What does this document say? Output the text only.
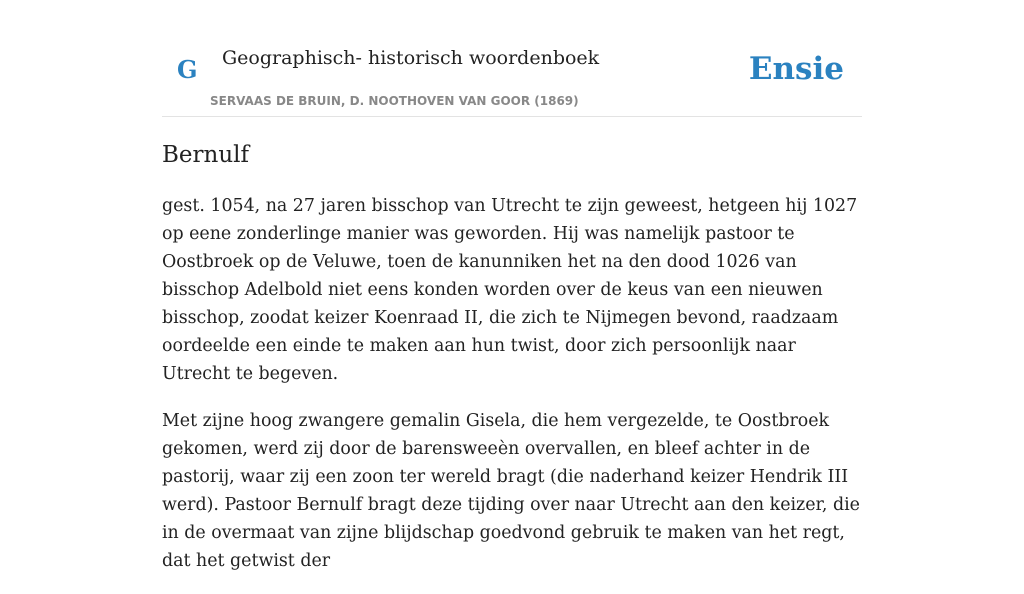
G Geographisch- historisch woordenboek
SERVAAS DE BRUIN, D. NOOTHOVEN VAN GOOR (1869)
Ensie
Bernulf

gest. 1054, na 27 jaren bisschop van Utrecht te zijn geweest, hetgeen hij 1027 op eene zonderlinge manier was geworden. Hij was namelijk pastoor te Oostbroek op de Veluwe, toen de kanunniken het na den dood 1026 van bisschop Adelbold niet eens konden worden over de keus van een nieuwen bisschop, zoodat keizer Koenraad II, die zich te Nijmegen bevond, raadzaam oordeelde een einde te maken aan hun twist, door zich persoonlijk naar Utrecht te begeven.

Met zijne hoog zwangere gemalin Gisela, die hem vergezelde, te Oostbroek gekomen, werd zij door de barensweeèn overvallen, en bleef achter in de pastorij, waar zij een zoon ter wereld bragt (die naderhand keizer Hendrik III werd). Pastoor Bernulf bragt deze tijding over naar Utrecht aan den keizer, die in de overmaat van zijne blijdschap goedvond gebruik te maken van het regt, dat het getwist der
